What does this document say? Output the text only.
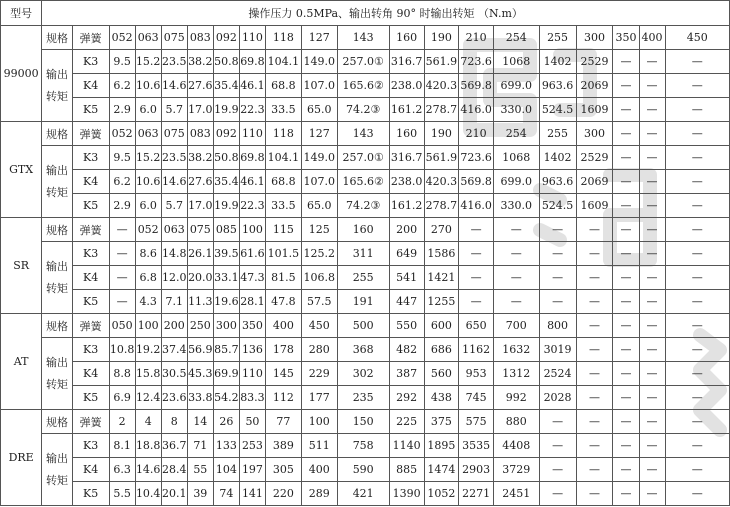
型号	操作压力 0.5MPa、输出转角 90° 时输出转矩 （N.m）																			
99000	规格	弹簧	052	063	075	083	092	110	118	127	143	160	190	210	254	255	300	350	400	450
	输出转矩	K3	9.5	15.2	23.5	38.2	50.8	69.8	104.1	149.0	257.0①	316.7	561.9	723.6	1068	1402	2529	—	—	—
		K4	6.2	10.6	14.6	27.6	35.4	46.1	68.8	107.0	165.6②	238.0	420.3	569.8	699.0	963.6	2069	—	—	—
		K5	2.9	6.0	5.7	17.0	19.9	22.3	33.5	65.0	74.2③	161.2	278.7	416.0	330.0	524.5	1609	—	—	—
GTX	规格	弹簧	052	063	075	083	092	110	118	127	143	160	190	210	254	255	300	—	—	—
	输出转矩	K3	9.5	15.2	23.5	38.2	50.8	69.8	104.1	149.0	257.0①	316.7	561.9	723.6	1068	1402	2529	—	—	—
		K4	6.2	10.6	14.6	27.6	35.4	46.1	68.8	107.0	165.6②	238.0	420.3	569.8	699.0	963.6	2069	—	—	—
		K5	2.9	6.0	5.7	17.0	19.9	22.3	33.5	65.0	74.2③	161.2	278.7	416.0	330.0	524.5	1609	—	—	—
SR	规格	弹簧	—	052	063	075	085	100	115	125	160	200	270	—	—	—	—	—	—	—
	输出转矩	K3	—	8.6	14.8	26.1	39.5	61.6	101.5	125.2	311	649	1586	—	—	—	—	—	—	—
		K4	—	6.8	12.0	20.0	33.1	47.3	81.5	106.8	255	541	1421	—	—	—	—	—	—	—
		K5	—	4.3	7.1	11.3	19.6	28.1	47.8	57.5	191	447	1255	—	—	—	—	—	—	—
AT	规格	弹簧	050	100	200	250	300	350	400	450	500	550	600	650	700	800	—	—	—	—
	输出转矩	K3	10.8	19.2	37.4	56.9	85.7	136	178	280	368	482	686	1162	1632	3019	—	—	—	—
		K4	8.8	15.8	30.5	45.3	69.9	110	145	229	302	387	560	953	1312	2524	—	—	—	—
		K5	6.9	12.4	23.6	33.8	54.2	83.3	112	177	235	292	438	745	992	2028	—	—	—	—
DRE	规格	弹簧	2	4	8	14	26	50	77	100	150	225	375	575	880	—	—	—	—	—
	输出转矩	K3	8.1	18.8	36.7	71	133	253	389	511	758	1140	1895	3535	4408	—	—	—	—	—
		K4	6.3	14.6	28.4	55	104	197	305	400	590	885	1474	2903	3729	—	—	—	—	—
		K5	5.5	10.4	20.1	39	74	141	220	289	421	1390	1052	2271	2451	—	—	—	—	—
